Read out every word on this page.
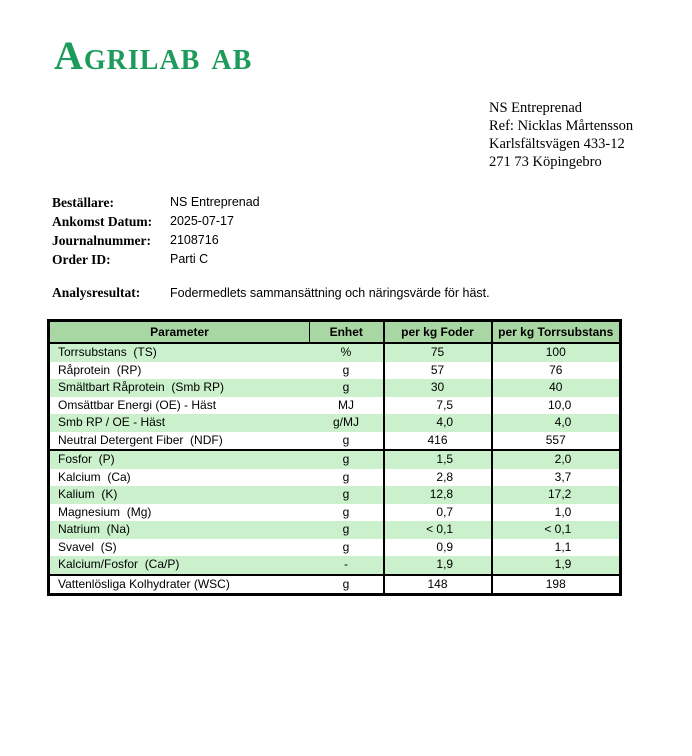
Agrilab ab
NS Entreprenad
Ref: Nicklas Mårtensson
Karlsfältsvägen 433-12
271 73 Köpingebro
Beställare:	NS Entreprenad
Ankomst Datum:	2025-07-17
Journalnummer:	2108716
Order ID:	Parti C
Analysresultat:	Fodermedlets sammansättning och näringsvärde för häst.
Parameter	Enhet	per kg Foder	per kg Torrsubstans
Torrsubstans  (TS)	%	75	100
Råprotein  (RP)	g	57	76
Smältbart Råprotein  (Smb RP)	g	30	40
Omsättbar Energi (OE) - Häst	MJ	7,5	10,0
Smb RP / OE - Häst	g/MJ	4,0	4,0
Neutral Detergent Fiber  (NDF)	g	416	557
Fosfor  (P)	g	1,5	2,0
Kalcium  (Ca)	g	2,8	3,7
Kalium  (K)	g	12,8	17,2
Magnesium  (Mg)	g	0,7	1,0
Natrium  (Na)	g	< 0,1	< 0,1
Svavel  (S)	g	0,9	1,1
Kalcium/Fosfor  (Ca/P)	-	1,9	1,9
Vattenlösliga Kolhydrater (WSC)	g	148	198
